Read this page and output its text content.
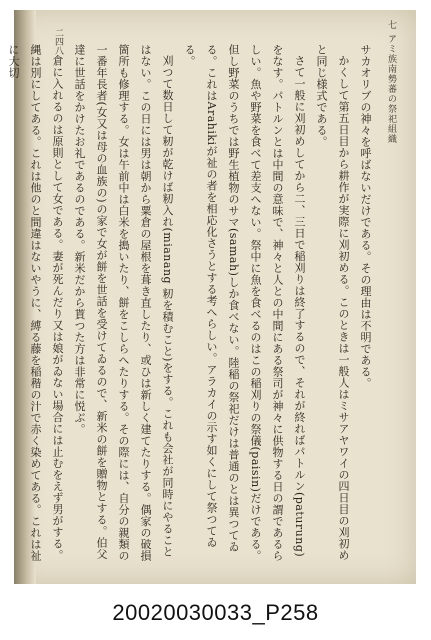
七 アミ族南勢蕃の祭祀組織
二四八

サカオリブの神々を呼ばないだけである。その理由は不明である。

かくして第五日目から耕作が実際に刈初める。このときは一般人はミサアヤワイの四日目の刈初めと同じ様式である。

さて一般に刈初めしてから二、三日で稲刈りは終了するので、それが終ればパトルン(paturung)をなす。パトルンとは中間の意味で、神々と人との中間にある祭司が神々に供物する日の謂であるらしい。魚や野菜を食べて差支へない。祭中に魚を食べるのはこの稲刈りの祭儀(paisin)だけである。但し野菜のうちでは野生植物のサマ(samah)しか食べない。陸稲の祭祀だけは普通のとは異つてゐる。これはArahikiが祉の者を相応化さうとする考へらしい。アラカイの示す如くにして祭つてゐる。

刈つて数日して籾が乾けば籾入れ(mianang 籾を積むこと)をする。これも会社が同時にやることはない。この日には男は朝から粟倉の屋根を葺き直したり、或ひは新しく建てたりする。偶家の破損箇所も修理する。女は午前中は白米を搗いたり、餅をこしらへたりする。その際には、自分の親類の一番年長者(女又は母の血族の)の家で女が餅を世話を受けてゐるので、新米の餅を贈物とする。伯父達に世話をかけたお礼であるのである。新米だから貰つた方は非常に悦ぶ。

倉に入れるのは原則として女である。妻が死んだり又は娘がゐない場合には止むをえず男がする。縄は別にしてある。これは他のと間違はないやうに、縛る藤を稲稭の汁で赤く染めてある。これは祉に大切

20020030033_P258
